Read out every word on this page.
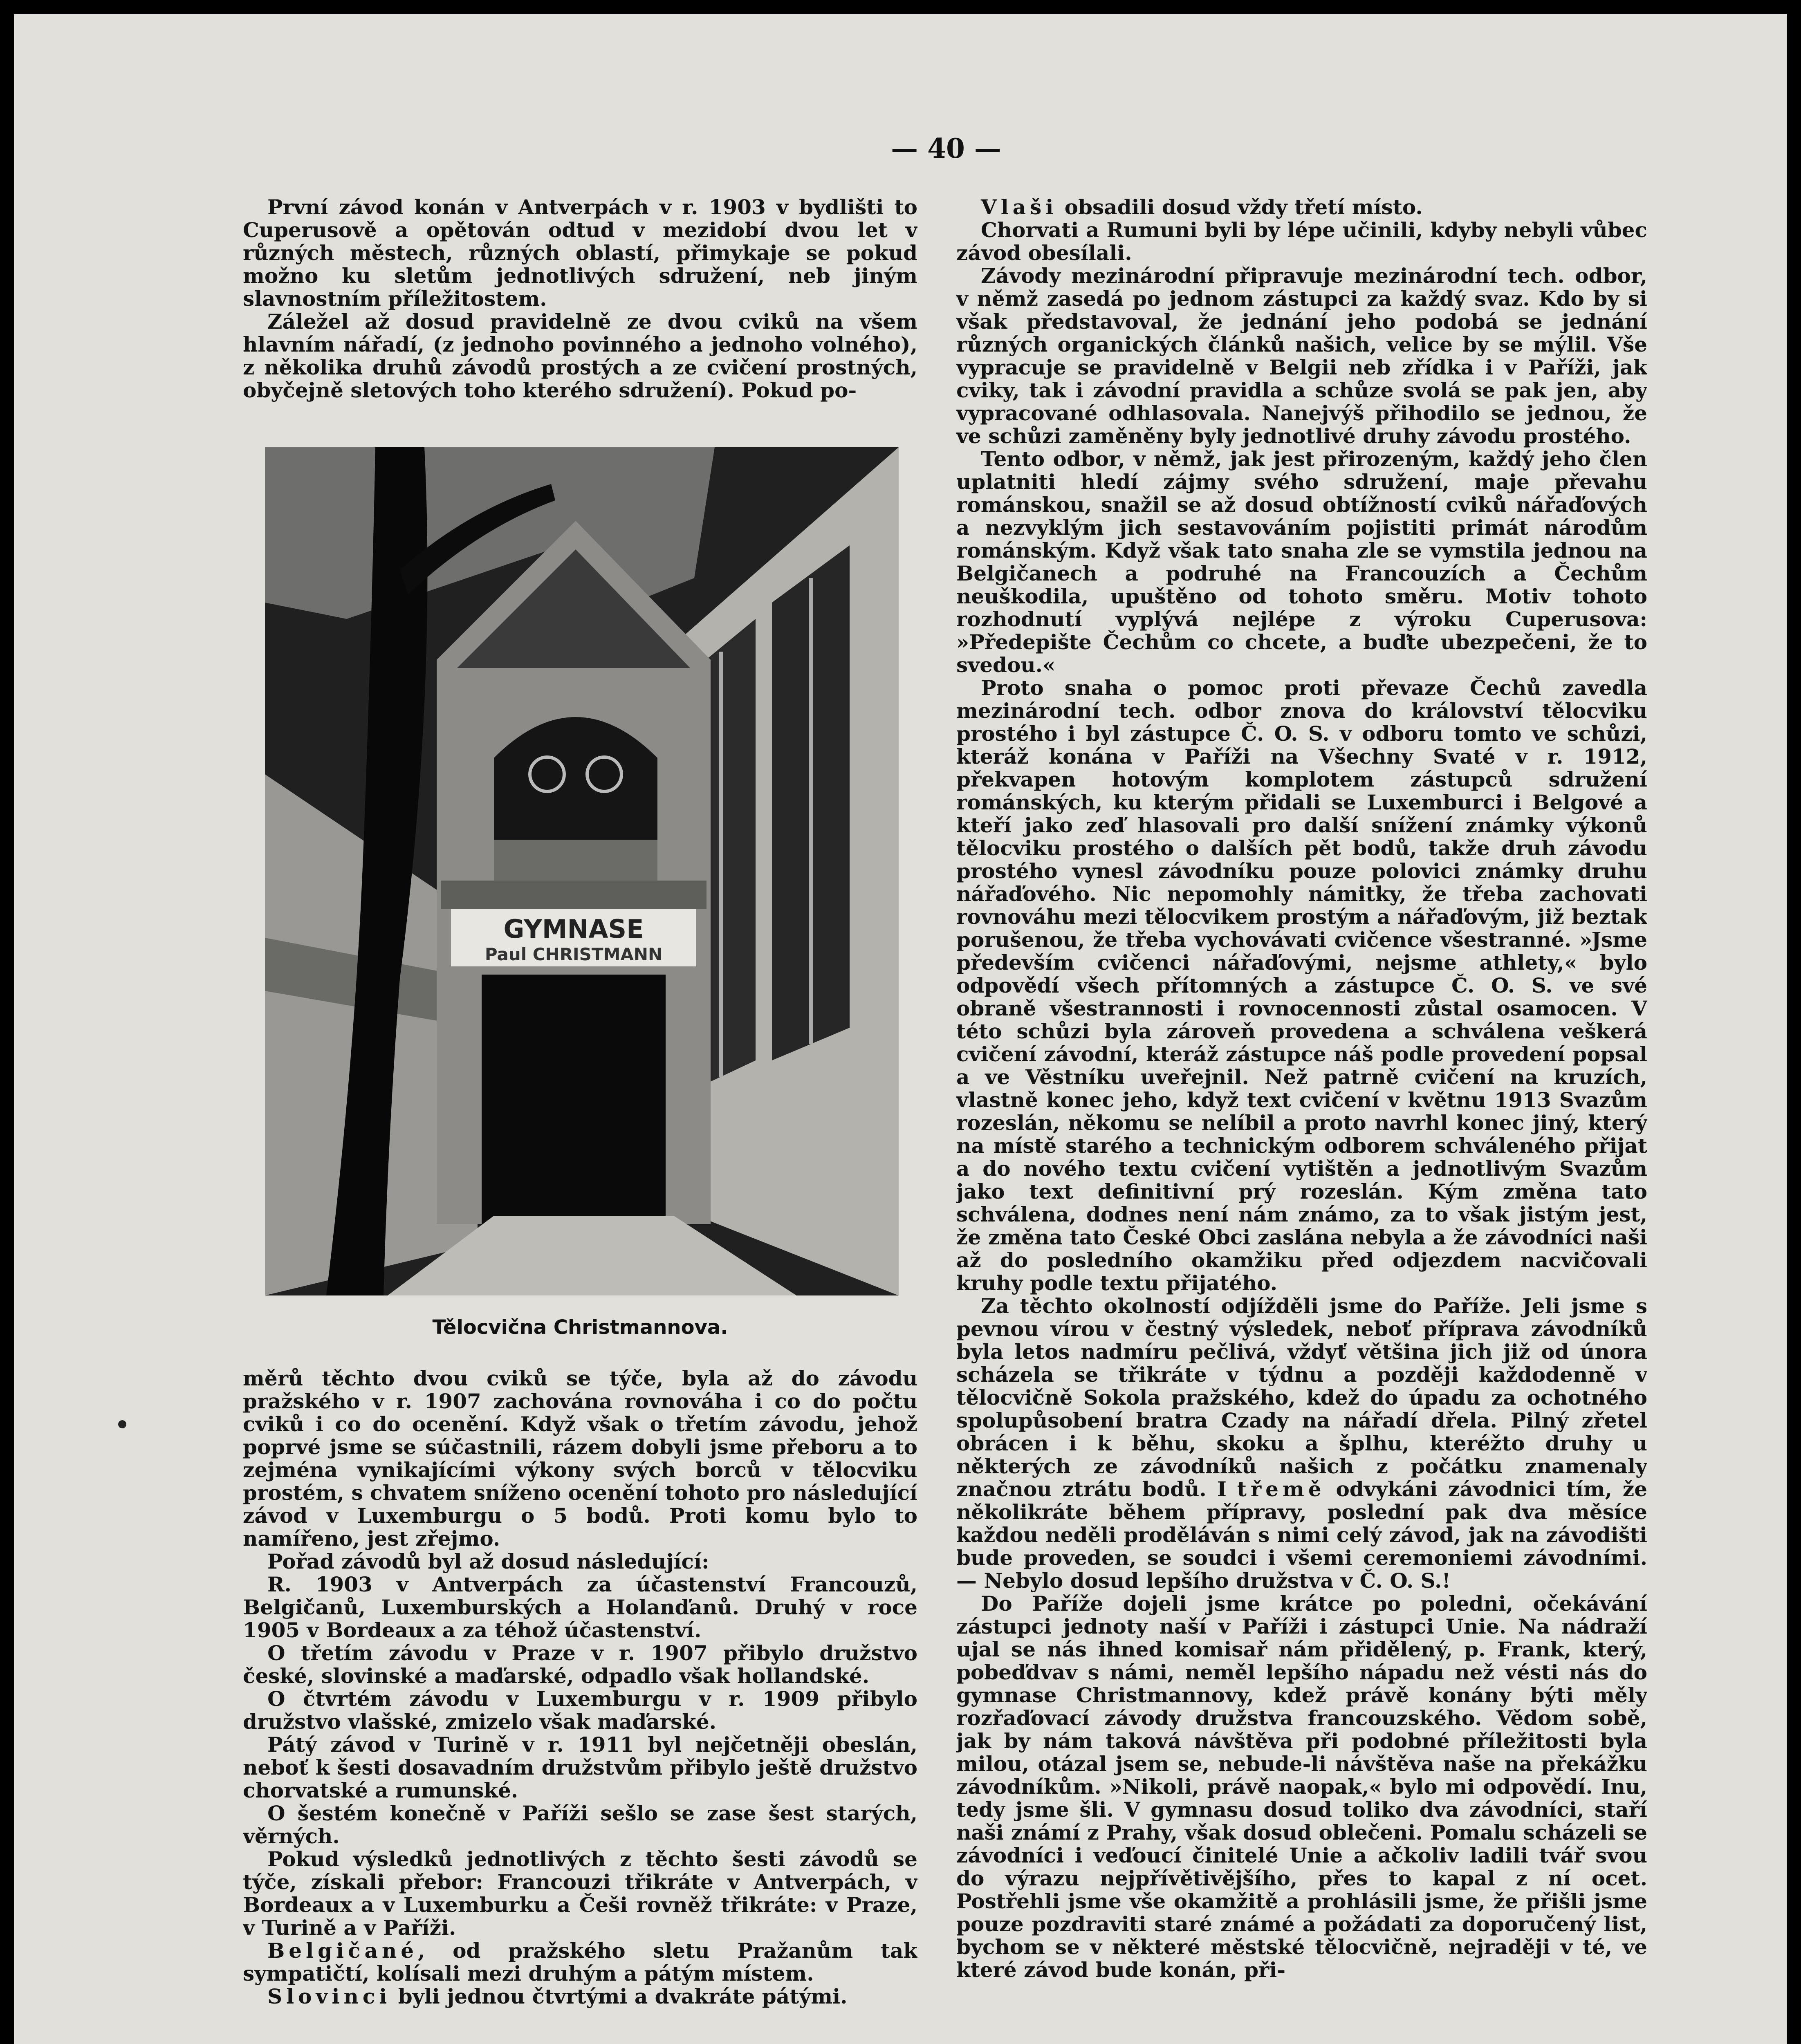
— 40 —

První závod konán v Antverpách v r. 1903 v bydlišti to Cuperusově a opětován odtud v mezidobí dvou let v různých městech, různých oblastí, přimykaje se pokud možno ku sletům jednotlivých sdružení, neb jiným slavnostním příležitostem.

Záležel až dosud pravidelně ze dvou cviků na všem hlavním nářadí, (z jednoho povinného a jednoho volného), z několika druhů závodů prostých a ze cvičení prostných, obyčejně sletových toho kterého sdružení). Pokud po-

GYMNASE
Paul CHRISTMANN
Tělocvična Christmannova.

měrů těchto dvou cviků se týče, byla až do závodu pražského v r. 1907 zachována rovnováha i co do počtu cviků i co do ocenění. Když však o třetím závodu, jehož poprvé jsme se súčastnili, rázem dobyli jsme přeboru a to zejména vynikajícími výkony svých borců v tělocviku prostém, s chvatem sníženo ocenění tohoto pro následující závod v Luxemburgu o 5 bodů. Proti komu bylo to namířeno, jest zřejmo.

Pořad závodů byl až dosud následující:

R. 1903 v Antverpách za účastenství Francouzů, Belgičanů, Luxemburských a Holanďanů. Druhý v roce 1905 v Bordeaux a za téhož účastenství.

O třetím závodu v Praze v r. 1907 přibylo družstvo české, slovinské a maďarské, odpadlo však hollandské.

O čtvrtém závodu v Luxemburgu v r. 1909 přibylo družstvo vlašské, zmizelo však maďarské.

Pátý závod v Turině v r. 1911 byl nejčetněji obeslán, neboť k šesti dosavadním družstvům přibylo ještě družstvo chorvatské a rumunské.

O šestém konečně v Paříži sešlo se zase šest starých, věrných.

Pokud výsledků jednotlivých z těchto šesti závodů se týče, získali přebor: Francouzi třikráte v Antverpách, v Bordeaux a v Luxemburku a Češi rovněž třikráte: v Praze, v Turině a v Paříži.

Belgičané, od pražského sletu Pražanům tak sympatičtí, kolísali mezi druhým a pátým místem.

Slovinci byli jednou čtvrtými a dvakráte pátými.

Vlaši obsadili dosud vždy třetí místo.

Chorvati a Rumuni byli by lépe učinili, kdyby nebyli vůbec závod obesílali.

Závody mezinárodní připravuje mezinárodní tech. odbor, v němž zasedá po jednom zástupci za každý svaz. Kdo by si však představoval, že jednání jeho podobá se jednání různých organických článků našich, velice by se mýlil. Vše vypracuje se pravidelně v Belgii neb zřídka i v Paříži, jak cviky, tak i závodní pravidla a schůze svolá se pak jen, aby vypracované odhlasovala. Nanejvýš přihodilo se jednou, že ve schůzi zaměněny byly jednotlivé druhy závodu prostého.

Tento odbor, v němž, jak jest přirozeným, každý jeho člen uplatniti hledí zájmy svého sdružení, maje převahu románskou, snažil se až dosud obtížností cviků nářaďových a nezvyklým jich sestavováním pojistiti primát národům románským. Když však tato snaha zle se vymstila jednou na Belgičanech a podruhé na Francouzích a Čechům neuškodila, upuštěno od tohoto směru. Motiv tohoto rozhodnutí vyplývá nejlépe z výroku Cuperusova: »Předepište Čechům co chcete, a buďte ubezpečeni, že to svedou.«

Proto snaha o pomoc proti převaze Čechů zavedla mezinárodní tech. odbor znova do království tělocviku prostého i byl zástupce Č. O. S. v odboru tomto ve schůzi, kteráž konána v Paříži na Všechny Svaté v r. 1912, překvapen hotovým komplotem zástupců sdružení románských, ku kterým přidali se Luxemburci i Belgové a kteří jako zeď hlasovali pro další snížení známky výkonů tělocviku prostého o dalších pět bodů, takže druh závodu prostého vynesl závodníku pouze polovici známky druhu nářaďového. Nic nepomohly námitky, že třeba zachovati rovnováhu mezi tělocvikem prostým a nářaďovým, již beztak porušenou, že třeba vychovávati cvičence všestranné. »Jsme především cvičenci nářaďovými, nejsme athlety,« bylo odpovědí všech přítomných a zástupce Č. O. S. ve své obraně všestrannosti i rovnocennosti zůstal osamocen. V této schůzi byla zároveň provedena a schválena veškerá cvičení závodní, kteráž zástupce náš podle provedení popsal a ve Věstníku uveřejnil. Než patrně cvičení na kruzích, vlastně konec jeho, když text cvičení v květnu 1913 Svazům rozeslán, někomu se nelíbil a proto navrhl konec jiný, který na místě starého a technickým odborem schváleného přijat a do nového textu cvičení vytištěn a jednotlivým Svazům jako text definitivní prý rozeslán. Kým změna tato schválena, dodnes není nám známo, za to však jistým jest, že změna tato České Obci zaslána nebyla a že závodníci naši až do posledního okamžiku před odjezdem nacvičovali kruhy podle textu přijatého.

Za těchto okolností odjížděli jsme do Paříže. Jeli jsme s pevnou vírou v čestný výsledek, neboť příprava závodníků byla letos nadmíru pečlivá, vždyť většina jich již od února scházela se třikráte v týdnu a později každodenně v tělocvičně Sokola pražského, kdež do úpadu za ochotného spolupůsobení bratra Czady na nářadí dřela. Pilný zřetel obrácen i k běhu, skoku a šplhu, kteréžto druhy u některých ze závodníků našich z počátku znamenaly značnou ztrátu bodů. I třemě odvykáni závodnici tím, že několikráte během přípravy, poslední pak dva měsíce každou neděli proděláván s nimi celý závod, jak na závodišti bude proveden, se soudci i všemi ceremoniemi závodními. — Nebylo dosud lepšího družstva v Č. O. S.!

Do Paříže dojeli jsme krátce po poledni, očekávání zástupci jednoty naší v Paříži i zástupci Unie. Na nádraží ujal se nás ihned komisař nám přidělený, p. Frank, který, pobeďdvav s námi, neměl lepšího nápadu než vésti nás do gymnase Christmannovy, kdež právě konány býti měly rozřaďovací závody družstva francouzského. Vědom sobě, jak by nám taková návštěva při podobné příležitosti byla milou, otázal jsem se, nebude-li návštěva naše na překážku závodníkům. »Nikoli, právě naopak,« bylo mi odpovědí. Inu, tedy jsme šli. V gymnasu dosud toliko dva závodníci, staří naši známí z Prahy, však dosud oblečeni. Pomalu scházeli se závodníci i veďoucí činitelé Unie a ačkoliv ladili tvář svou do výrazu nejpřívětivějšího, přes to kapal z ní ocet. Postřehli jsme vše okamžitě a prohlásili jsme, že přišli jsme pouze pozdraviti staré známé a požádati za doporučený list, bychom se v některé městské tělocvičně, nejraději v té, ve které závod bude konán, při-
